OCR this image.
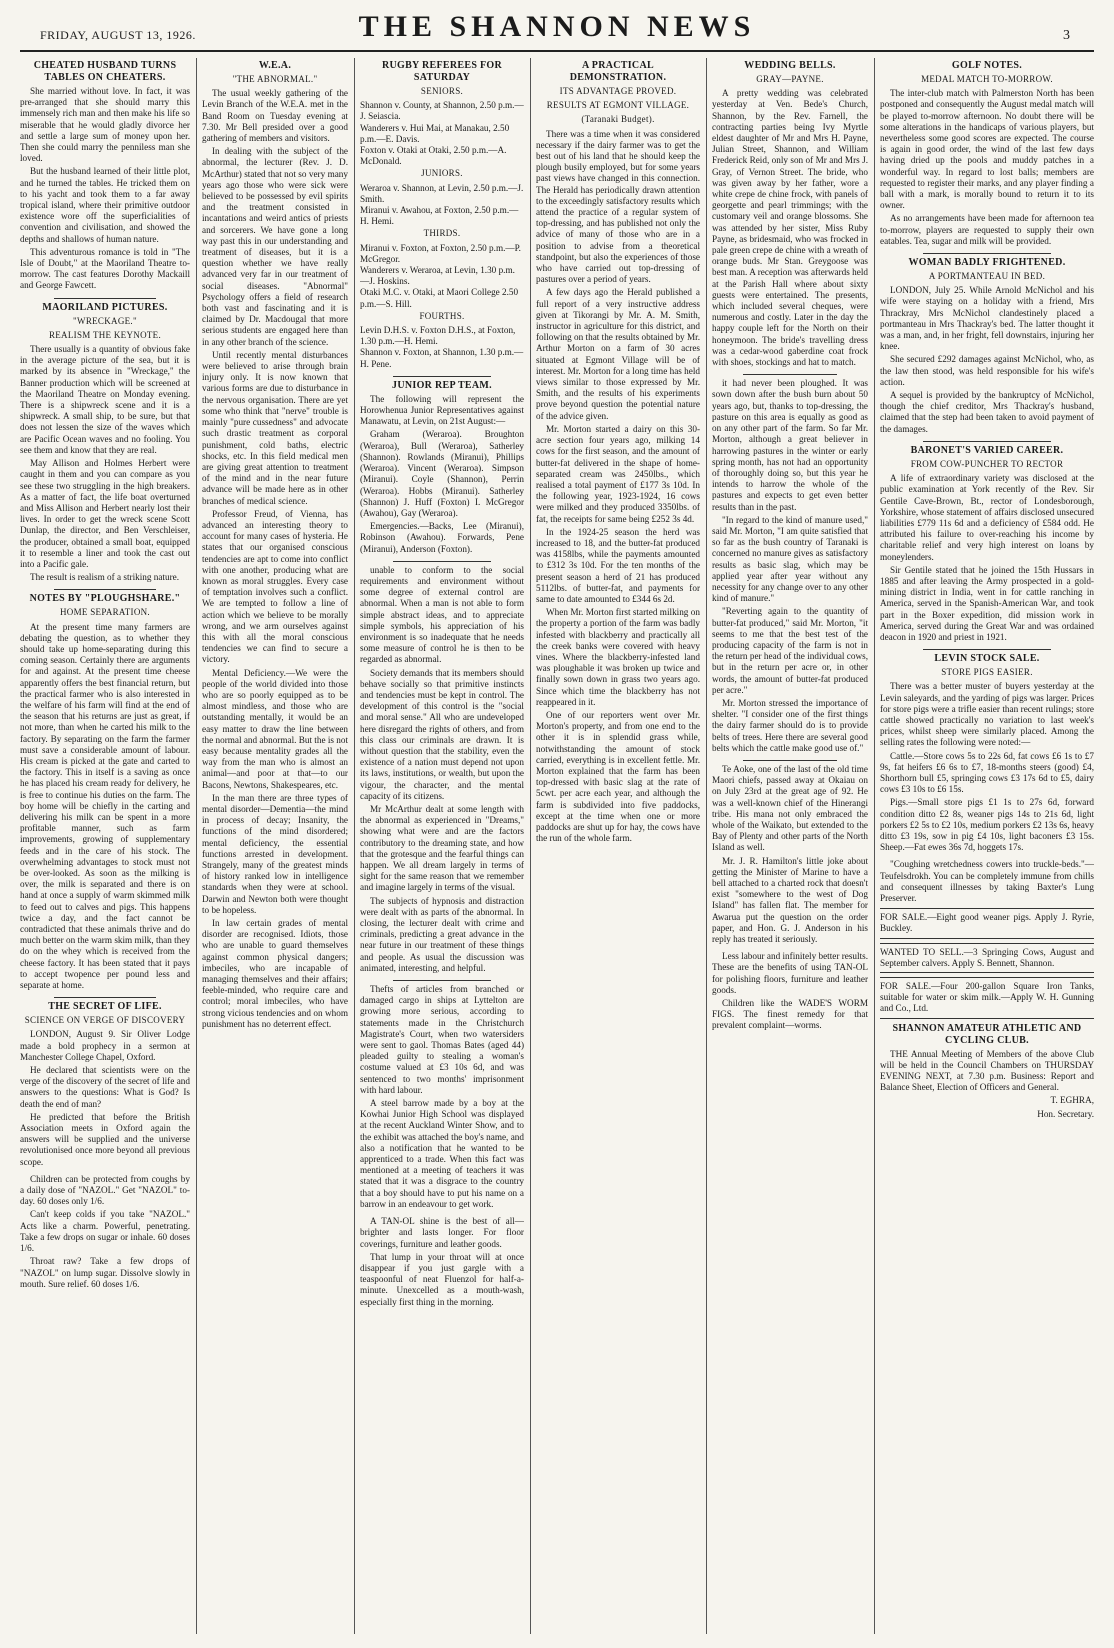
FRIDAY, AUGUST 13, 1926.	THE SHANNON NEWS	3
CHEATED HUSBAND TURNS TABLES ON CHEATERS.

She married without love. In fact, it was pre-arranged that she should marry this immensely rich man and then make his life so miserable that he would gladly divorce her and settle a large sum of money upon her. Then she could marry the penniless man she loved.

But the husband learned of their little plot, and he turned the tables. He tricked them on to his yacht and took them to a far away tropical island, where their primitive outdoor existence wore off the superficialities of convention and civilisation, and showed the depths and shallows of human nature.

This adventurous romance is told in "The Isle of Doubt," at the Maoriland Theatre to-morrow. The cast features Dorothy Mackaill and George Fawcett.

MAORILAND PICTURES.
"WRECKAGE."
REALISM THE KEYNOTE.

There usually is a quantity of obvious fake in the average picture of the sea, but it is marked by its absence in "Wreckage," the Banner production which will be screened at the Maoriland Theatre on Monday evening. There is a shipwreck scene and it is a shipwreck. A small ship, to be sure, but that does not lessen the size of the waves which are Pacific Ocean waves and no fooling. You see them and know that they are real.

May Allison and Holmes Herbert were caught in them and you can compare as you see these two struggling in the high breakers. As a matter of fact, the life boat overturned and Miss Allison and Herbert nearly lost their lives. In order to get the wreck scene Scott Dunlap, the director, and Ben Verschleiser, the producer, obtained a small boat, equipped it to resemble a liner and took the cast out into a Pacific gale.

The result is realism of a striking nature.

NOTES BY "PLOUGHSHARE."
HOME SEPARATION.

At the present time many farmers are debating the question, as to whether they should take up home-separating during this coming season. Certainly there are arguments for and against. At the present time cheese apparently offers the best financial return, but the practical farmer who is also interested in the welfare of his farm will find at the end of the season that his returns are just as great, if not more, than when he carted his milk to the factory. By separating on the farm the farmer must save a considerable amount of labour. His cream is picked at the gate and carted to the factory. This in itself is a saving as once he has placed his cream ready for delivery, he is free to continue his duties on the farm. The boy home will be chiefly in the carting and delivering his milk can be spent in a more profitable manner, such as farm improvements, growing of supplementary feeds and in the care of his stock. The overwhelming advantages to stock must not be over-looked. As soon as the milking is over, the milk is separated and there is on hand at once a supply of warm skimmed milk to feed out to calves and pigs. This happens twice a day, and the fact cannot be contradicted that these animals thrive and do much better on the warm skim milk, than they do on the whey which is received from the cheese factory. It has been stated that it pays to accept twopence per pound less and separate at home.

THE SECRET OF LIFE.
SCIENCE ON VERGE OF DISCOVERY

LONDON, August 9. Sir Oliver Lodge made a bold prophecy in a sermon at Manchester College Chapel, Oxford.

He declared that scientists were on the verge of the discovery of the secret of life and answers to the questions: What is God? Is death the end of man?

He predicted that before the British Association meets in Oxford again the answers will be supplied and the universe revolutionised once more beyond all previous scope.

Children can be protected from coughs by a daily dose of "NAZOL." Get "NAZOL" to-day. 60 doses only 1/6.

Can't keep colds if you take "NAZOL." Acts like a charm. Powerful, penetrating. Take a few drops on sugar or inhale. 60 doses 1/6.

Throat raw? Take a few drops of "NAZOL" on lump sugar. Dissolve slowly in mouth. Sure relief. 60 doses 1/6.

W.E.A.
"THE ABNORMAL."

The usual weekly gathering of the Levin Branch of the W.E.A. met in the Band Room on Tuesday evening at 7.30. Mr Bell presided over a good gathering of members and visitors.

In dealing with the subject of the abnormal, the lecturer (Rev. J. D. McArthur) stated that not so very many years ago those who were sick were believed to be possessed by evil spirits and the treatment consisted in incantations and weird antics of priests and sorcerers. We have gone a long way past this in our understanding and treatment of diseases, but it is a question whether we have really advanced very far in our treatment of social diseases. "Abnormal" Psychology offers a field of research both vast and fascinating and it is claimed by Dr. Macdougal that more serious students are engaged here than in any other branch of the science.

Until recently mental disturbances were believed to arise through brain injury only. It is now known that various forms are due to disturbance in the nervous organisation. There are yet some who think that "nerve" trouble is mainly "pure cussedness" and advocate such drastic treatment as corporal punishment, cold baths, electric shocks, etc. In this field medical men are giving great attention to treatment of the mind and in the near future advance will be made here as in other branches of medical science.

Professor Freud, of Vienna, has advanced an interesting theory to account for many cases of hysteria. He states that our organised conscious tendencies are apt to come into conflict with one another, producing what are known as moral struggles. Every case of temptation involves such a conflict. We are tempted to follow a line of action which we believe to be morally wrong, and we arm ourselves against this with all the moral conscious tendencies we can find to secure a victory.

Mental Deficiency.—We were the people of the world divided into those who are so poorly equipped as to be almost mindless, and those who are outstanding mentally, it would be an easy matter to draw the line between the normal and abnormal. But the is not easy because mentality grades all the way from the man who is almost an animal—and poor at that—to our Bacons, Newtons, Shakespeares, etc.

In the man there are three types of mental disorder—Dementia—the mind in process of decay; Insanity, the functions of the mind disordered; mental deficiency, the essential functions arrested in development. Strangely, many of the greatest minds of history ranked low in intelligence standards when they were at school. Darwin and Newton both were thought to be hopeless.

In law certain grades of mental disorder are recognised. Idiots, those who are unable to guard themselves against common physical dangers; imbeciles, who are incapable of managing themselves and their affairs; feeble-minded, who require care and control; moral imbeciles, who have strong vicious tendencies and on whom punishment has no deterrent effect.

RUGBY REFEREES FOR SATURDAY
SENIORS.

Shannon v. County, at Shannon, 2.50 p.m.—J. Seiascia.

Wanderers v. Hui Mai, at Manakau, 2.50 p.m.—E. Davis.

Foxton v. Otaki at Otaki, 2.50 p.m.—A. McDonald.

JUNIORS.

Weraroa v. Shannon, at Levin, 2.50 p.m.—J. Smith.

Miranui v. Awahou, at Foxton, 2.50 p.m.—H. Hemi.

THIRDS.

Miranui v. Foxton, at Foxton, 2.50 p.m.—P. McGregor.

Wanderers v. Weraroa, at Levin, 1.30 p.m.—J. Hoskins.

Otaki M.C. v. Otaki, at Maori College 2.50 p.m.—S. Hill.

FOURTHS.

Levin D.H.S. v. Foxton D.H.S., at Foxton, 1.30 p.m.—H. Hemi.

Shannon v. Foxton, at Shannon, 1.30 p.m.—H. Pene.

JUNIOR REP TEAM.

The following will represent the Horowhenua Junior Representatives against Manawatu, at Levin, on 21st August:—

Graham (Weraroa). Broughton (Weraroa), Bull (Weraroa), Satherley (Shannon). Rowlands (Miranui), Phillips (Weraroa). Vincent (Weraroa). Simpson (Miranui). Coyle (Shannon), Perrin (Weraroa). Hobbs (Miranui). Satherley (Shannon) J. Huff (Foxton) I. McGregor (Awahou), Gay (Weraroa).

Emergencies.—Backs, Lee (Miranui), Robinson (Awahou). Forwards, Pene (Miranui), Anderson (Foxton).

unable to conform to the social requirements and environment without some degree of external control are abnormal. When a man is not able to form simple abstract ideas, and to appreciate simple symbols, his appreciation of his environment is so inadequate that he needs some measure of control he is then to be regarded as abnormal.

Society demands that its members should behave socially so that primitive instincts and tendencies must be kept in control. The development of this control is the "social and moral sense." All who are undeveloped here disregard the rights of others, and from this class our criminals are drawn. It is without question that the stability, even the existence of a nation must depend not upon its laws, institutions, or wealth, but upon the vigour, the character, and the mental capacity of its citizens.

Mr McArthur dealt at some length with the abnormal as experienced in "Dreams," showing what were and are the factors contributory to the dreaming state, and how that the grotesque and the fearful things can happen. We all dream largely in terms of sight for the same reason that we remember and imagine largely in terms of the visual.

The subjects of hypnosis and distraction were dealt with as parts of the abnormal. In closing, the lecturer dealt with crime and criminals, predicting a great advance in the near future in our treatment of these things and people. As usual the discussion was animated, interesting, and helpful.

Thefts of articles from branched or damaged cargo in ships at Lyttelton are growing more serious, according to statements made in the Christchurch Magistrate's Court, when two watersiders were sent to gaol. Thomas Bates (aged 44) pleaded guilty to stealing a woman's costume valued at £3 10s 6d, and was sentenced to two months' imprisonment with hard labour.

A steel barrow made by a boy at the Kowhai Junior High School was displayed at the recent Auckland Winter Show, and to the exhibit was attached the boy's name, and also a notification that he wanted to be apprenticed to a trade. When this fact was mentioned at a meeting of teachers it was stated that it was a disgrace to the country that a boy should have to put his name on a barrow in an endeavour to get work.

A TAN-OL shine is the best of all—brighter and lasts longer. For floor coverings, furniture and leather goods.

That lump in your throat will at once disappear if you just gargle with a teaspoonful of neat Fluenzol for half-a-minute. Unexcelled as a mouth-wash, especially first thing in the morning.

A PRACTICAL DEMONSTRATION.
ITS ADVANTAGE PROVED.
RESULTS AT EGMONT VILLAGE.
(Taranaki Budget).

There was a time when it was considered necessary if the dairy farmer was to get the best out of his land that he should keep the plough busily employed, but for some years past views have changed in this connection. The Herald has periodically drawn attention to the exceedingly satisfactory results which attend the practice of a regular system of top-dressing, and has published not only the advice of many of those who are in a position to advise from a theoretical standpoint, but also the experiences of those who have carried out top-dressing of pastures over a period of years.

A few days ago the Herald published a full report of a very instructive address given at Tikorangi by Mr. A. M. Smith, instructor in agriculture for this district, and following on that the results obtained by Mr. Arthur Morton on a farm of 30 acres situated at Egmont Village will be of interest. Mr. Morton for a long time has held views similar to those expressed by Mr. Smith, and the results of his experiments prove beyond question the potential nature of the advice given.

Mr. Morton started a dairy on this 30-acre section four years ago, milking 14 cows for the first season, and the amount of butter-fat delivered in the shape of home-separated cream was 2450lbs., which realised a total payment of £177 3s 10d. In the following year, 1923-1924, 16 cows were milked and they produced 3350lbs. of fat, the receipts for same being £252 3s 4d.

In the 1924-25 season the herd was increased to 18, and the butter-fat produced was 4158lbs, while the payments amounted to £312 3s 10d. For the ten months of the present season a herd of 21 has produced 5112lbs. of butter-fat, and payments for same to date amounted to £344 6s 2d.

When Mr. Morton first started milking on the property a portion of the farm was badly infested with blackberry and practically all the creek banks were covered with heavy vines. Where the blackberry-infested land was ploughable it was broken up twice and finally sown down in grass two years ago. Since which time the blackberry has not reappeared in it.

One of our reporters went over Mr. Morton's property, and from one end to the other it is in splendid grass while, notwithstanding the amount of stock carried, everything is in excellent fettle. Mr. Morton explained that the farm has been top-dressed with basic slag at the rate of 5cwt. per acre each year, and although the farm is subdivided into five paddocks, except at the time when one or more paddocks are shut up for hay, the cows have the run of the whole farm.

WEDDING BELLS.
GRAY—PAYNE.

A pretty wedding was celebrated yesterday at Ven. Bede's Church, Shannon, by the Rev. Farnell, the contracting parties being Ivy Myrtle eldest daughter of Mr and Mrs H. Payne, Julian Street, Shannon, and William Frederick Reid, only son of Mr and Mrs J. Gray, of Vernon Street. The bride, who was given away by her father, wore a white crepe de chine frock, with panels of georgette and pearl trimmings; with the customary veil and orange blossoms. She was attended by her sister, Miss Ruby Payne, as bridesmaid, who was frocked in pale green crepe de chine with a wreath of orange buds. Mr Stan. Greygoose was best man. A reception was afterwards held at the Parish Hall where about sixty guests were entertained. The presents, which included several cheques, were numerous and costly. Later in the day the happy couple left for the North on their honeymoon. The bride's travelling dress was a cedar-wood gaberdine coat frock with shoes, stockings and hat to match.

it had never been ploughed. It was sown down after the bush burn about 50 years ago, but, thanks to top-dressing, the pasture on this area is equally as good as on any other part of the farm. So far Mr. Morton, although a great believer in harrowing pastures in the winter or early spring month, has not had an opportunity of thoroughly doing so, but this year he intends to harrow the whole of the pastures and expects to get even better results than in the past.

"In regard to the kind of manure used," said Mr. Morton, "I am quite satisfied that so far as the bush country of Taranaki is concerned no manure gives as satisfactory results as basic slag, which may be applied year after year without any necessity for any change over to any other kind of manure."

"Reverting again to the quantity of butter-fat produced," said Mr. Morton, "it seems to me that the best test of the producing capacity of the farm is not in the return per head of the individual cows, but in the return per acre or, in other words, the amount of butter-fat produced per acre."

Mr. Morton stressed the importance of shelter. "I consider one of the first things the dairy farmer should do is to provide belts of trees. Here there are several good belts which the cattle make good use of."

Te Aoke, one of the last of the old time Maori chiefs, passed away at Okaiau on on July 23rd at the great age of 92. He was a well-known chief of the Hinerangi tribe. His mana not only embraced the whole of the Waikato, but extended to the Bay of Plenty and other parts of the North Island as well.

Mr. J. R. Hamilton's little joke about getting the Minister of Marine to have a bell attached to a charted rock that doesn't exist "somewhere to the west of Dog Island" has fallen flat. The member for Awarua put the question on the order paper, and Hon. G. J. Anderson in his reply has treated it seriously.

Less labour and infinitely better results. These are the benefits of using TAN-OL for polishing floors, furniture and leather goods.

Children like the WADE'S WORM FIGS. The finest remedy for that prevalent complaint—worms.

GOLF NOTES.
MEDAL MATCH TO-MORROW.

The inter-club match with Palmerston North has been postponed and consequently the August medal match will be played to-morrow afternoon. No doubt there will be some alterations in the handicaps of various players, but nevertheless some good scores are expected. The course is again in good order, the wind of the last few days having dried up the pools and muddy patches in a wonderful way. In regard to lost balls; members are requested to register their marks, and any player finding a ball with a mark, is morally bound to return it to its owner.

As no arrangements have been made for afternoon tea to-morrow, players are requested to supply their own eatables. Tea, sugar and milk will be provided.

WOMAN BADLY FRIGHTENED.
A PORTMANTEAU IN BED.

LONDON, July 25. While Arnold McNichol and his wife were staying on a holiday with a friend, Mrs Thrackray, Mrs McNichol clandestinely placed a portmanteau in Mrs Thackray's bed. The latter thought it was a man, and, in her fright, fell downstairs, injuring her knee.

She secured £292 damages against McNichol, who, as the law then stood, was held responsible for his wife's action.

A sequel is provided by the bankruptcy of McNichol, though the chief creditor, Mrs Thackray's husband, claimed that the step had been taken to avoid payment of the damages.

BARONET'S VARIED CAREER.
FROM COW-PUNCHER TO RECTOR

A life of extraordinary variety was disclosed at the public examination at York recently of the Rev. Sir Gentile Cave-Brown, Bt., rector of Londesborough, Yorkshire, whose statement of affairs disclosed unsecured liabilities £779 11s 6d and a deficiency of £584 odd. He attributed his failure to over-reaching his income by charitable relief and very high interest on loans by moneylenders.

Sir Gentile stated that he joined the 15th Hussars in 1885 and after leaving the Army prospected in a gold-mining district in India, went in for cattle ranching in America, served in the Spanish-American War, and took part in the Boxer expedition, did mission work in America, served during the Great War and was ordained deacon in 1920 and priest in 1921.

LEVIN STOCK SALE.
STORE PIGS EASIER.

There was a better muster of buyers yesterday at the Levin saleyards, and the yarding of pigs was larger. Prices for store pigs were a trifle easier than recent rulings; store cattle showed practically no variation to last week's prices, whilst sheep were similarly placed. Among the selling rates the following were noted:—

Cattle.—Store cows 5s to 22s 6d, fat cows £6 1s to £7 9s, fat heifers £6 6s to £7, 18-months steers (good) £4, Shorthorn bull £5, springing cows £3 17s 6d to £5, dairy cows £3 10s to £6 15s.

Pigs.—Small store pigs £1 1s to 27s 6d, forward condition ditto £2 8s, weaner pigs 14s to 21s 6d, light porkers £2 5s to £2 10s, medium porkers £2 13s 6s, heavy ditto £3 19s, sow in pig £4 10s, light baconers £3 15s. Sheep.—Fat ewes 36s 7d, hoggets 17s.

"Coughing wretchedness cowers into truckle-beds."—Teufelsdrokh. You can be completely immune from chills and consequent illnesses by taking Baxter's Lung Preserver.

FOR SALE.—Eight good weaner pigs. Apply J. Ryrie, Buckley.
WANTED TO SELL.—3 Springing Cows, August and September calvers. Apply S. Bennett, Shannon.
FOR SALE.—Four 200-gallon Square Iron Tanks, suitable for water or skim milk.—Apply W. H. Gunning and Co., Ltd.
SHANNON AMATEUR ATHLETIC AND CYCLING CLUB.

THE Annual Meeting of Members of the above Club will be held in the Council Chambers on THURSDAY EVENING NEXT, at 7.30 p.m. Business: Report and Balance Sheet, Election of Officers and General.

T. EGHRA,

Hon. Secretary.
